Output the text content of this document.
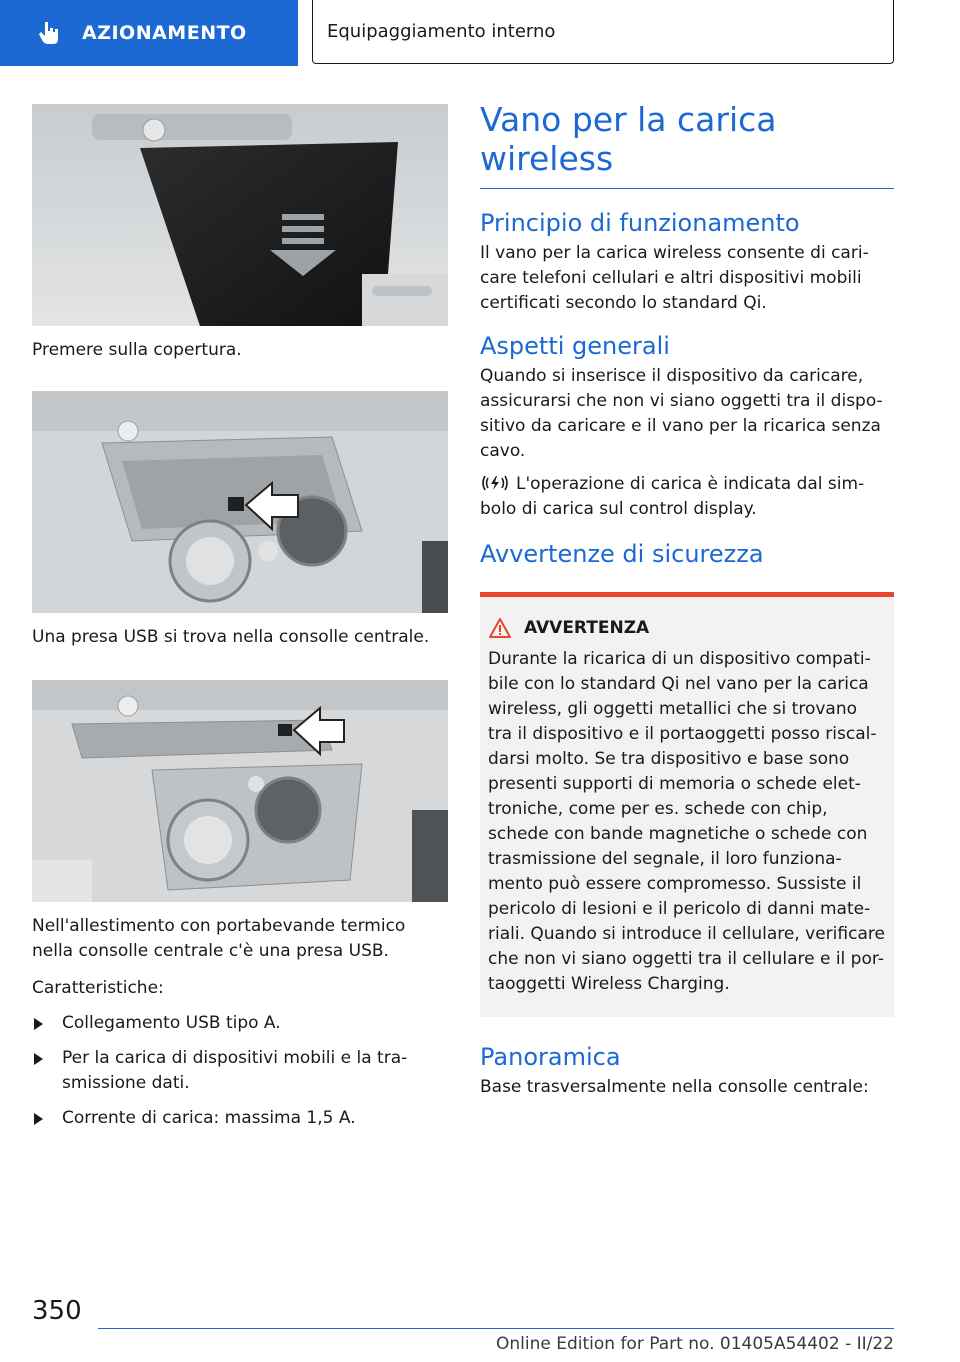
AZIONAMENTO	Equipaggiamento interno

Premere sulla copertura.

Una presa USB si trova nella consolle centrale.

Nell'allestimento con portabevande termico
nella consolle centrale c'è una presa USB.

Caratteristiche:

Collegamento USB tipo A.
Per la carica di dispositivi mobili e la tra-
smissione dati.
Corrente di carica: massima 1,5 A.
Vano per la carica wireless
Principio di funzionamento

Il vano per la carica wireless consente di cari-
care telefoni cellulari e altri dispositivi mobili
certificati secondo lo standard Qi.

Aspetti generali

Quando si inserisce il dispositivo da caricare,
assicurarsi che non vi siano oggetti tra il dispo-
sitivo da caricare e il vano per la ricarica senza
cavo.

L'operazione di carica è indicata dal sim-
bolo di carica sul control display.

Avvertenze di sicurezza
AVVERTENZA
Durante la ricarica di un dispositivo compati-
bile con lo standard Qi nel vano per la carica
wireless, gli oggetti metallici che si trovano
tra il dispositivo e il portaoggetti posso riscal-
darsi molto. Se tra dispositivo e base sono
presenti supporti di memoria o schede elet-
troniche, come per es. schede con chip,
schede con bande magnetiche o schede con
trasmissione del segnale, il loro funziona-
mento può essere compromesso. Sussiste il
pericolo di lesioni e il pericolo di danni mate-
riali. Quando si introduce il cellulare, verificare
che non vi siano oggetti tra il cellulare e il por-
taoggetti Wireless Charging.
Panoramica

Base trasversalmente nella consolle centrale:

350
Online Edition for Part no. 01405A54402 - II/22
